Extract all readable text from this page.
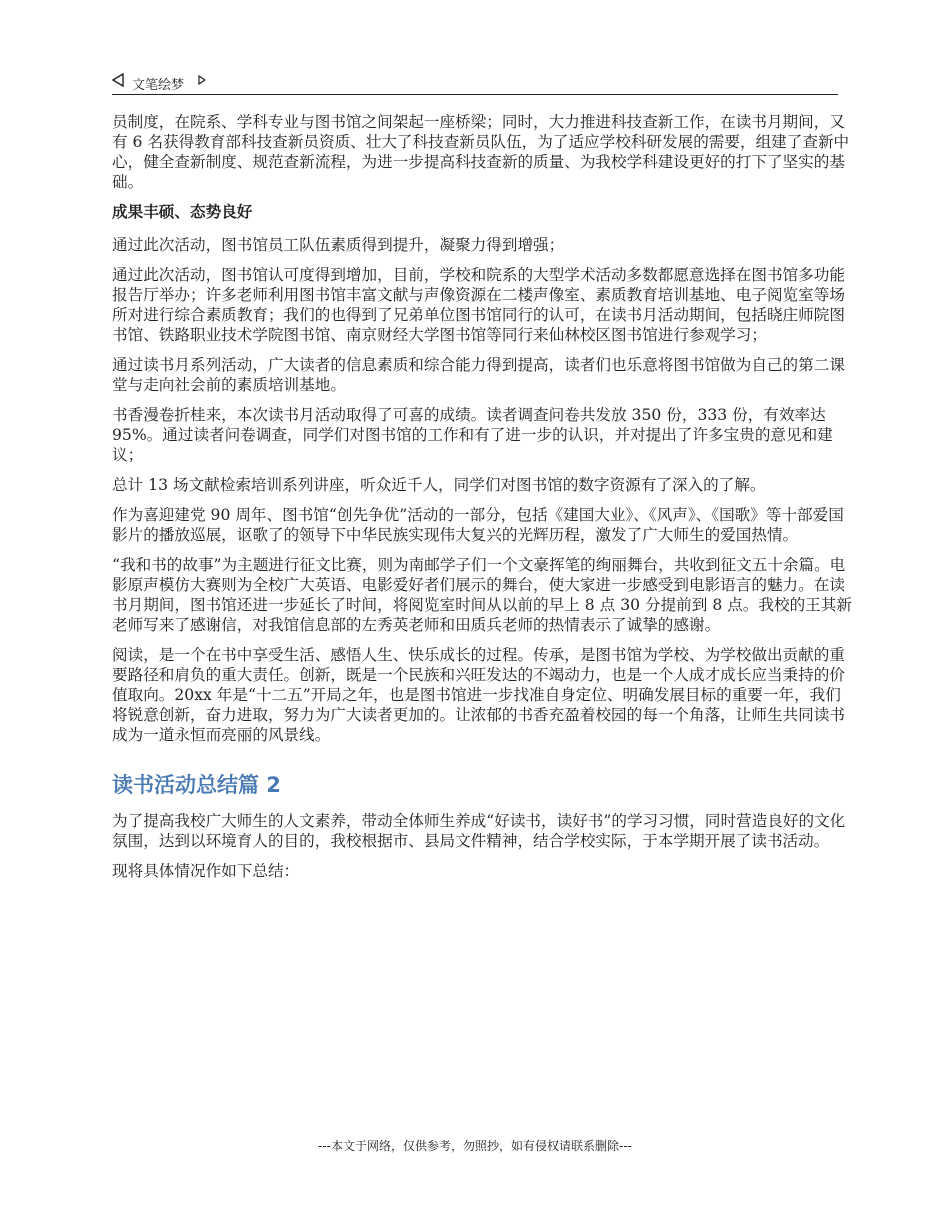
文笔绘梦

员制度，在院系、学科专业与图书馆之间架起一座桥梁；同时，大力推进科技查新工作，在读书月期间，又有 6 名获得教育部科技查新员资质、壮大了科技查新员队伍，为了适应学校科研发展的需要，组建了查新中心，健全查新制度、规范查新流程，为进一步提高科技查新的质量、为我校学科建设更好的打下了坚实的基础。

成果丰硕、态势良好

通过此次活动，图书馆员工队伍素质得到提升，凝聚力得到增强；

通过此次活动，图书馆认可度得到增加，目前，学校和院系的大型学术活动多数都愿意选择在图书馆多功能报告厅举办；许多老师利用图书馆丰富文献与声像资源在二楼声像室、素质教育培训基地、电子阅览室等场所对进行综合素质教育；我们的也得到了兄弟单位图书馆同行的认可，在读书月活动期间，包括晓庄师院图书馆、铁路职业技术学院图书馆、南京财经大学图书馆等同行来仙林校区图书馆进行参观学习；

通过读书月系列活动，广大读者的信息素质和综合能力得到提高，读者们也乐意将图书馆做为自己的第二课堂与走向社会前的素质培训基地。

书香漫卷折桂来，本次读书月活动取得了可喜的成绩。读者调查问卷共发放 350 份，333 份，有效率达 95%。通过读者问卷调查，同学们对图书馆的工作和有了进一步的认识，并对提出了许多宝贵的意见和建议；

总计 13 场文献检索培训系列讲座，听众近千人，同学们对图书馆的数字资源有了深入的了解。

作为喜迎建党 90 周年、图书馆“创先争优”活动的一部分，包括《建国大业》、《风声》、《国歌》等十部爱国影片的播放巡展，讴歌了的领导下中华民族实现伟大复兴的光辉历程，激发了广大师生的爱国热情。

“我和书的故事”为主题进行征文比赛，则为南邮学子们一个文豪挥笔的绚丽舞台，共收到征文五十余篇。电影原声模仿大赛则为全校广大英语、电影爱好者们展示的舞台，使大家进一步感受到电影语言的魅力。在读书月期间，图书馆还进一步延长了时间，将阅览室时间从以前的早上 8 点 30 分提前到 8 点。我校的王其新老师写来了感谢信，对我馆信息部的左秀英老师和田质兵老师的热情表示了诚挚的感谢。

阅读，是一个在书中享受生活、感悟人生、快乐成长的过程。传承，是图书馆为学校、为学校做出贡献的重要路径和肩负的重大责任。创新，既是一个民族和兴旺发达的不竭动力，也是一个人成才成长应当秉持的价值取向。20xx 年是“十二五”开局之年，也是图书馆进一步找准自身定位、明确发展目标的重要一年，我们将锐意创新，奋力进取，努力为广大读者更加的。让浓郁的书香充盈着校园的每一个角落，让师生共同读书成为一道永恒而亮丽的风景线。

读书活动总结篇 2

为了提高我校广大师生的人文素养，带动全体师生养成“好读书，读好书”的学习习惯，同时营造良好的文化氛围，达到以环境育人的目的，我校根据市、县局文件精神，结合学校实际，于本学期开展了读书活动。

现将具体情况作如下总结：

---本文于网络，仅供参考，勿照抄，如有侵权请联系删除---
